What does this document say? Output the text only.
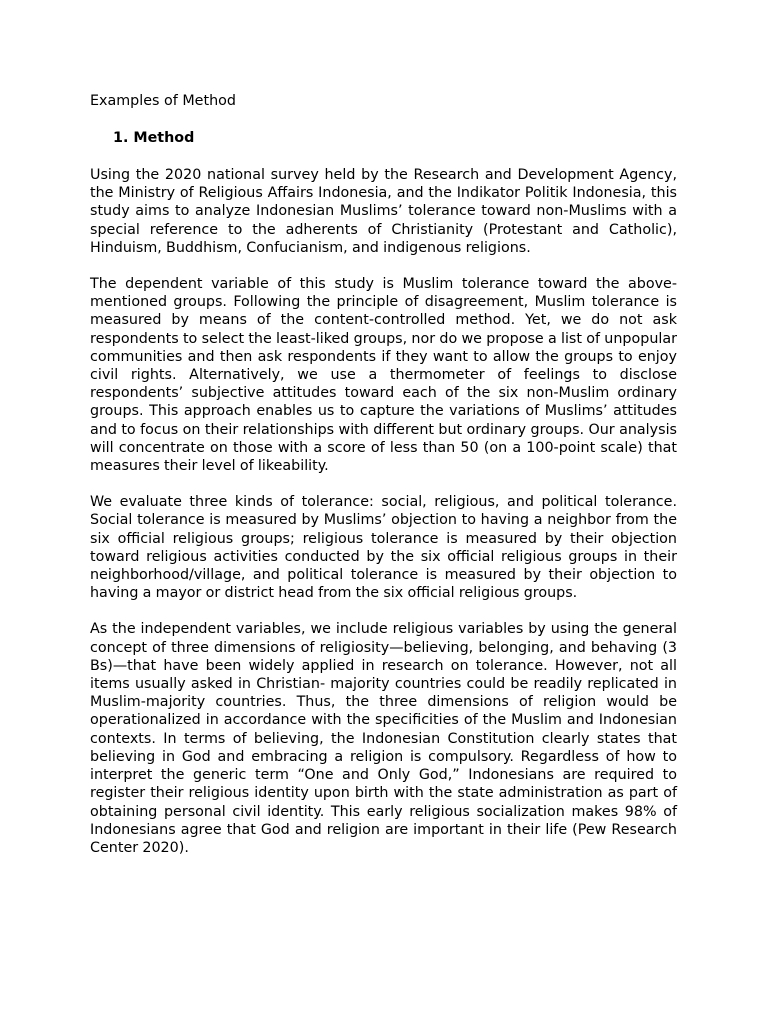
Examples of Method

1. Method

Using the 2020 national survey held by the Research and Development Agency, the Ministry of Religious Affairs Indonesia, and the Indikator Politik Indonesia, this study aims to analyze Indonesian Muslims’ tolerance toward non-Muslims with a special reference to the adherents of Christianity (Protestant and Catholic), Hinduism, Buddhism, Confucianism, and indigenous religions.

The dependent variable of this study is Muslim tolerance toward the above-mentioned groups. Following the principle of disagreement, Muslim tolerance is measured by means of the content-controlled method. Yet, we do not ask respondents to select the least-liked groups, nor do we propose a list of unpopular communities and then ask respondents if they want to allow the groups to enjoy civil rights. Alternatively, we use a thermometer of feelings to disclose respondents’ subjective attitudes toward each of the six non-Muslim ordinary groups. This approach enables us to capture the variations of Muslims’ attitudes and to focus on their relationships with different but ordinary groups. Our analysis will concentrate on those with a score of less than 50 (on a 100-point scale) that measures their level of likeability.

We evaluate three kinds of tolerance: social, religious, and political tolerance. Social tolerance is measured by Muslims’ objection to having a neighbor from the six official religious groups; religious tolerance is measured by their objection toward religious activities conducted by the six official religious groups in their neighborhood/village, and political tolerance is measured by their objection to having a mayor or district head from the six official religious groups.

As the independent variables, we include religious variables by using the general concept of three dimensions of religiosity—believing, belonging, and behaving (3 Bs)—that have been widely applied in research on tolerance. However, not all items usually asked in Christian- majority countries could be readily replicated in Muslim-majority countries. Thus, the three dimensions of religion would be operationalized in accordance with the specificities of the Muslim and Indonesian contexts. In terms of believing, the Indonesian Constitution clearly states that believing in God and embracing a religion is compulsory. Regardless of how to interpret the generic term “One and Only God,” Indonesians are required to register their religious identity upon birth with the state administration as part of obtaining personal civil identity. This early religious socialization makes 98% of Indonesians agree that God and religion are important in their life (Pew Research Center 2020).
